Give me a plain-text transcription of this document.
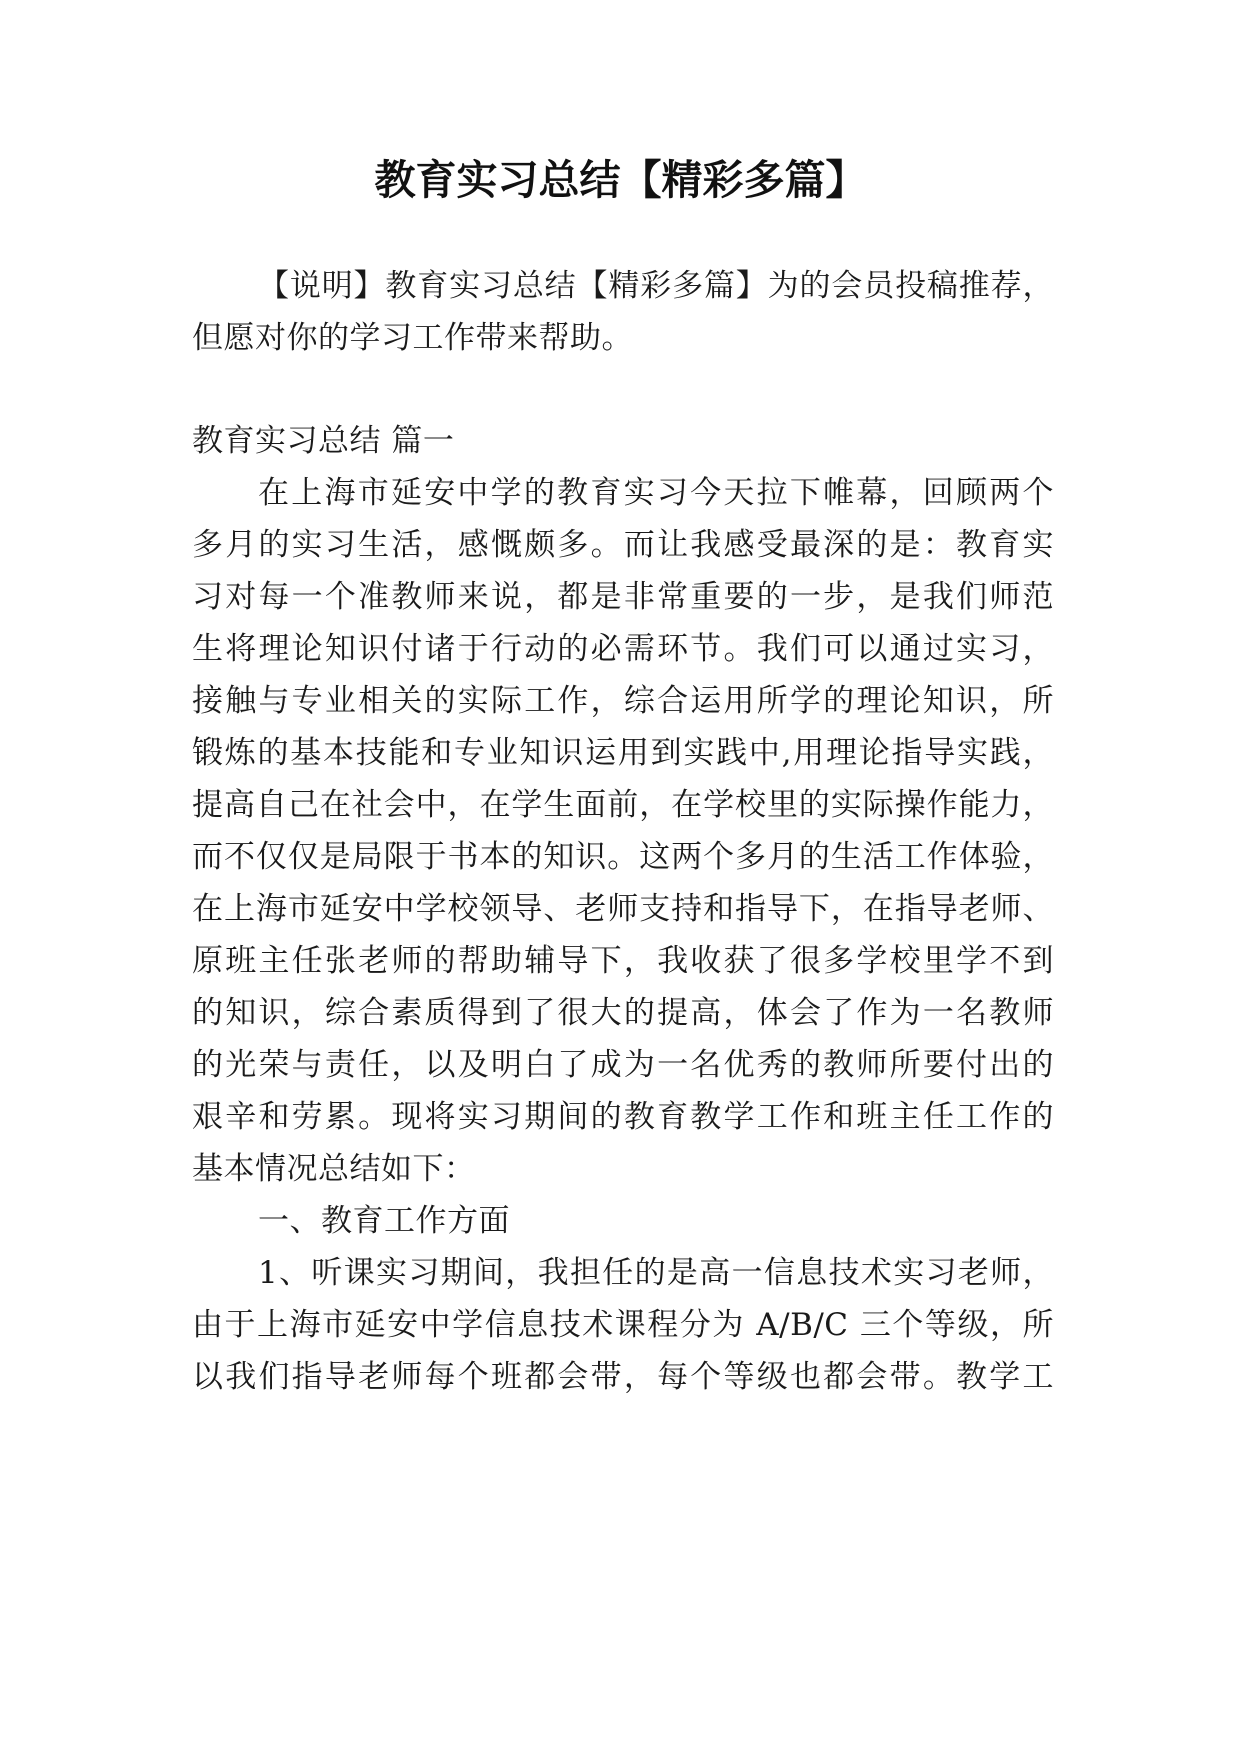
教育实习总结【精彩多篇】

【说明】教育实习总结【精彩多篇】为的会员投稿推荐，

但愿对你的学习工作带来帮助。

教育实习总结 篇一

在上海市延安中学的教育实习今天拉下帷幕，回顾两个

多月的实习生活，感慨颇多。而让我感受最深的是：教育实

习对每一个准教师来说，都是非常重要的一步，是我们师范

生将理论知识付诸于行动的必需环节。我们可以通过实习，

接触与专业相关的实际工作，综合运用所学的理论知识，所

锻炼的基本技能和专业知识运用到实践中,用理论指导实践，

提高自己在社会中，在学生面前，在学校里的实际操作能力，

而不仅仅是局限于书本的知识。这两个多月的生活工作体验，

在上海市延安中学校领导、老师支持和指导下，在指导老师、

原班主任张老师的帮助辅导下，我收获了很多学校里学不到

的知识，综合素质得到了很大的提高，体会了作为一名教师

的光荣与责任，以及明白了成为一名优秀的教师所要付出的

艰辛和劳累。现将实习期间的教育教学工作和班主任工作的

基本情况总结如下：

一、教育工作方面

1、听课实习期间，我担任的是高一信息技术实习老师，

由于上海市延安中学信息技术课程分为 A/B/C 三个等级，所

以我们指导老师每个班都会带，每个等级也都会带。教学工
